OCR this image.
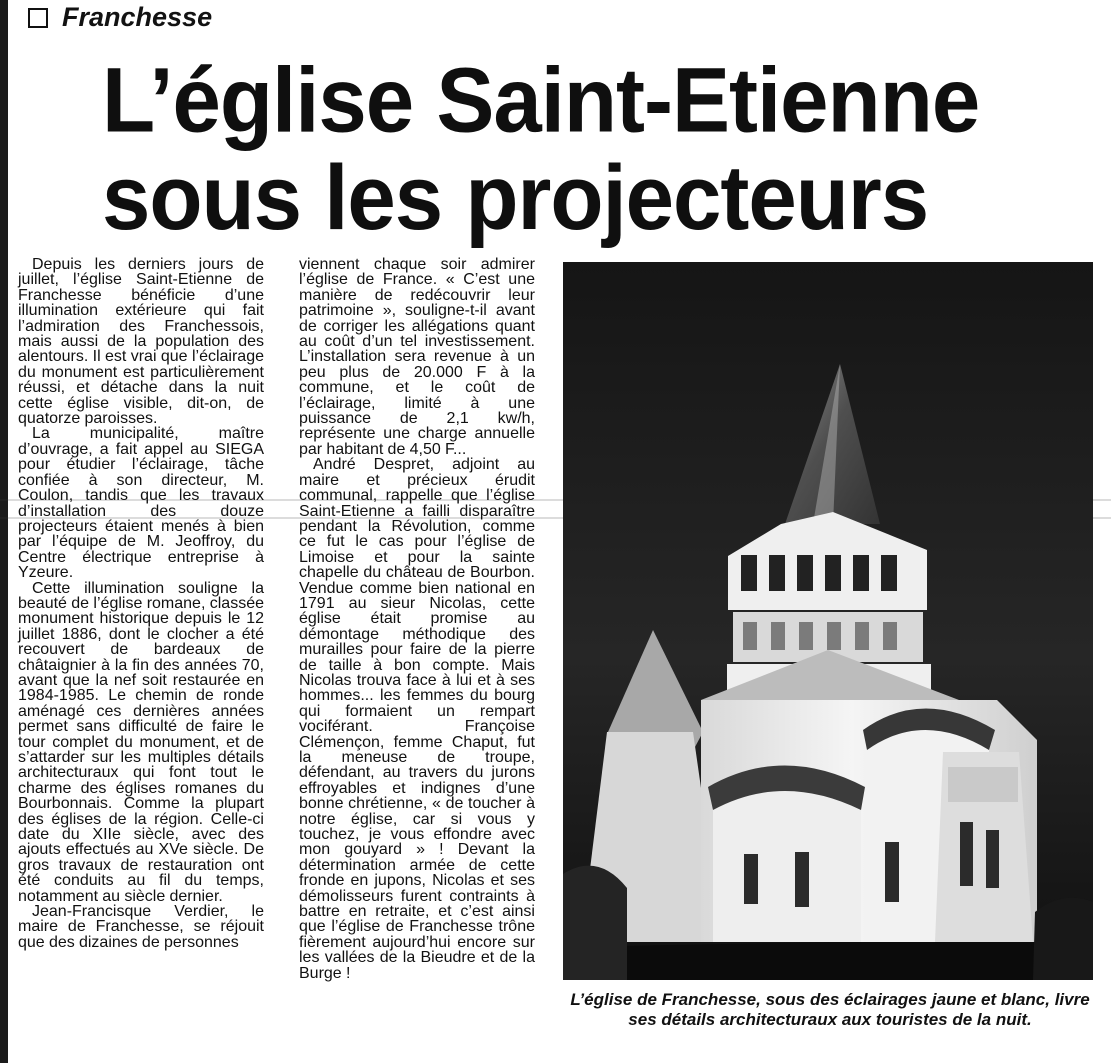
Franchesse
L’église Saint-Etienne
sous les projecteurs

Depuis les derniers jours de juillet, l’église Saint-Etienne de Franchesse bénéficie d’une illumination extérieure qui fait l’admiration des Franchessois, mais aussi de la population des alentours. Il est vrai que l’éclairage du monument est particulièrement réussi, et détache dans la nuit cette église visible, dit-on, de quatorze paroisses.

La municipalité, maître d’ouvrage, a fait appel au SIEGA pour étudier l’éclairage, tâche confiée à son directeur, M. Coulon, tandis que les travaux d’installation des douze projecteurs étaient menés à bien par l’équipe de M. Jeoffroy, du Centre électrique entreprise à Yzeure.

Cette illumination souligne la beauté de l’église romane, classée monument historique depuis le 12 juillet 1886, dont le clocher a été recouvert de bardeaux de châtaignier à la fin des années 70, avant que la nef soit restaurée en 1984-1985. Le chemin de ronde aménagé ces dernières années permet sans difficulté de faire le tour complet du monument, et de s’attarder sur les multiples détails architecturaux qui font tout le charme des églises romanes du Bourbonnais. Comme la plupart des églises de la région. Celle-ci date du XIIe siècle, avec des ajouts effectués au XVe siècle. De gros travaux de restauration ont été conduits au fil du temps, notamment au siècle dernier.

Jean-Francisque Verdier, le maire de Franchesse, se réjouit que des dizaines de personnes

viennent chaque soir admirer l’église de France. « C’est une manière de redécouvrir leur patrimoine », souligne-t-il avant de corriger les allégations quant au coût d’un tel investissement. L’installation sera revenue à un peu plus de 20.000 F à la commune, et le coût de l’éclairage, limité à une puissance de 2,1 kw/h, représente une charge annuelle par habitant de 4,50 F...

André Despret, adjoint au maire et précieux érudit communal, rappelle que l’église Saint-Etienne a failli disparaître pendant la Révolution, comme ce fut le cas pour l’église de Limoise et pour la sainte chapelle du château de Bourbon. Vendue comme bien national en 1791 au sieur Nicolas, cette église était promise au démontage méthodique des murailles pour faire de la pierre de taille à bon compte. Mais Nicolas trouva face à lui et à ses hommes... les femmes du bourg qui formaient un rempart vociférant. Françoise Clémençon, femme Chaput, fut la meneuse de troupe, défendant, au travers du jurons effroyables et indignes d’une bonne chrétienne, « de toucher à notre église, car si vous y touchez, je vous effondre avec mon gouyard » ! Devant la détermination armée de cette fronde en jupons, Nicolas et ses démolisseurs furent contraints à battre en retraite, et c’est ainsi que l’église de Franchesse trône fièrement aujourd’hui encore sur les vallées de la Bieudre et de la Burge !

L’église de Franchesse, sous des éclairages jaune et blanc, livre ses détails architecturaux aux touristes de la nuit.
